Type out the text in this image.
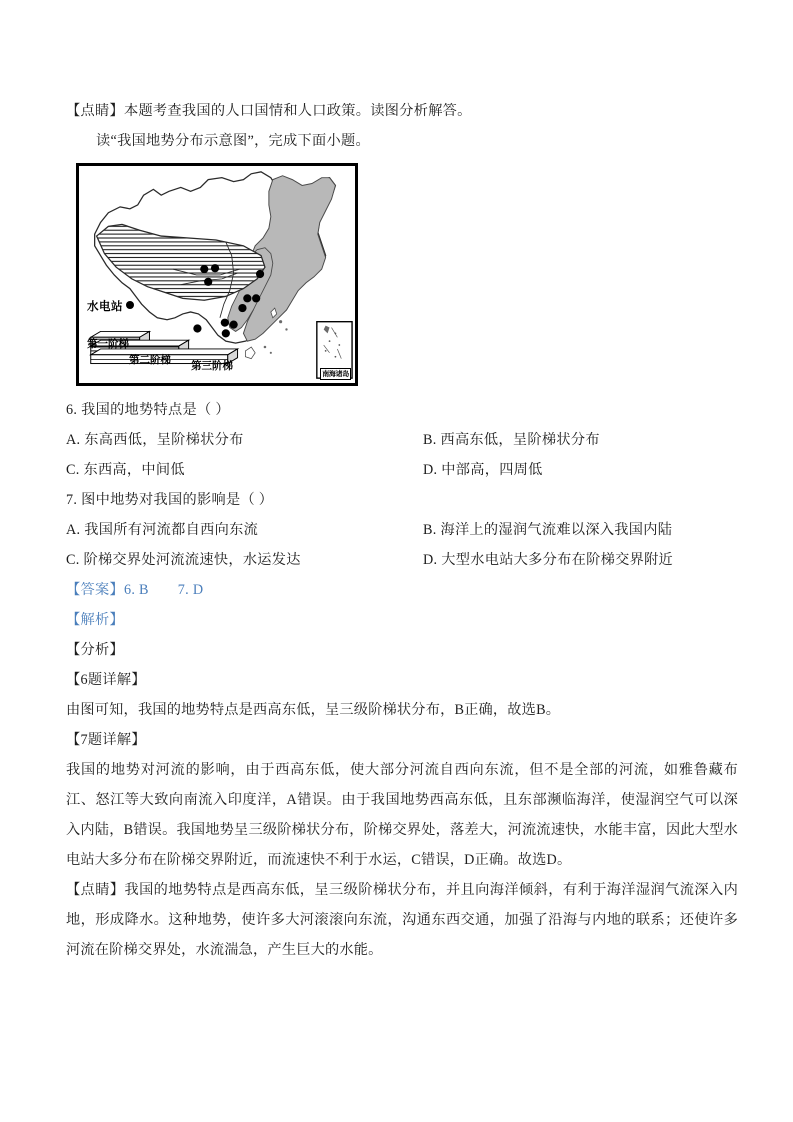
【点睛】本题考查我国的人口国情和人口政策。读图分析解答。
读“我国地势分布示意图”，完成下面小题。
水电站
第一阶梯
第二阶梯 第三阶梯
南海诸岛
6. 我国的地势特点是（ ）
A. 东高西低，呈阶梯状分布	B. 西高东低，呈阶梯状分布
C. 东西高，中间低	D. 中部高，四周低
7. 图中地势对我国的影响是（ ）
A. 我国所有河流都自西向东流	B. 海洋上的湿润气流难以深入我国内陆
C. 阶梯交界处河流流速快，水运发达	D. 大型水电站大多分布在阶梯交界附近
【答案】6. B　　7. D
【解析】
【分析】
【6题详解】
由图可知，我国的地势特点是西高东低，呈三级阶梯状分布，B正确，故选B。
【7题详解】
我国的地势对河流的影响，由于西高东低，使大部分河流自西向东流，但不是全部的河流，如雅鲁藏布江、怒江等大致向南流入印度洋，A错误。由于我国地势西高东低，且东部濒临海洋，使湿润空气可以深入内陆，B错误。我国地势呈三级阶梯状分布，阶梯交界处，落差大，河流流速快，水能丰富，因此大型水电站大多分布在阶梯交界附近，而流速快不利于水运，C错误，D正确。故选D。
【点睛】我国的地势特点是西高东低，呈三级阶梯状分布，并且向海洋倾斜，有利于海洋湿润气流深入内地，形成降水。这种地势，使许多大河滚滚向东流，沟通东西交通，加强了沿海与内地的联系；还使许多河流在阶梯交界处，水流湍急，产生巨大的水能。
